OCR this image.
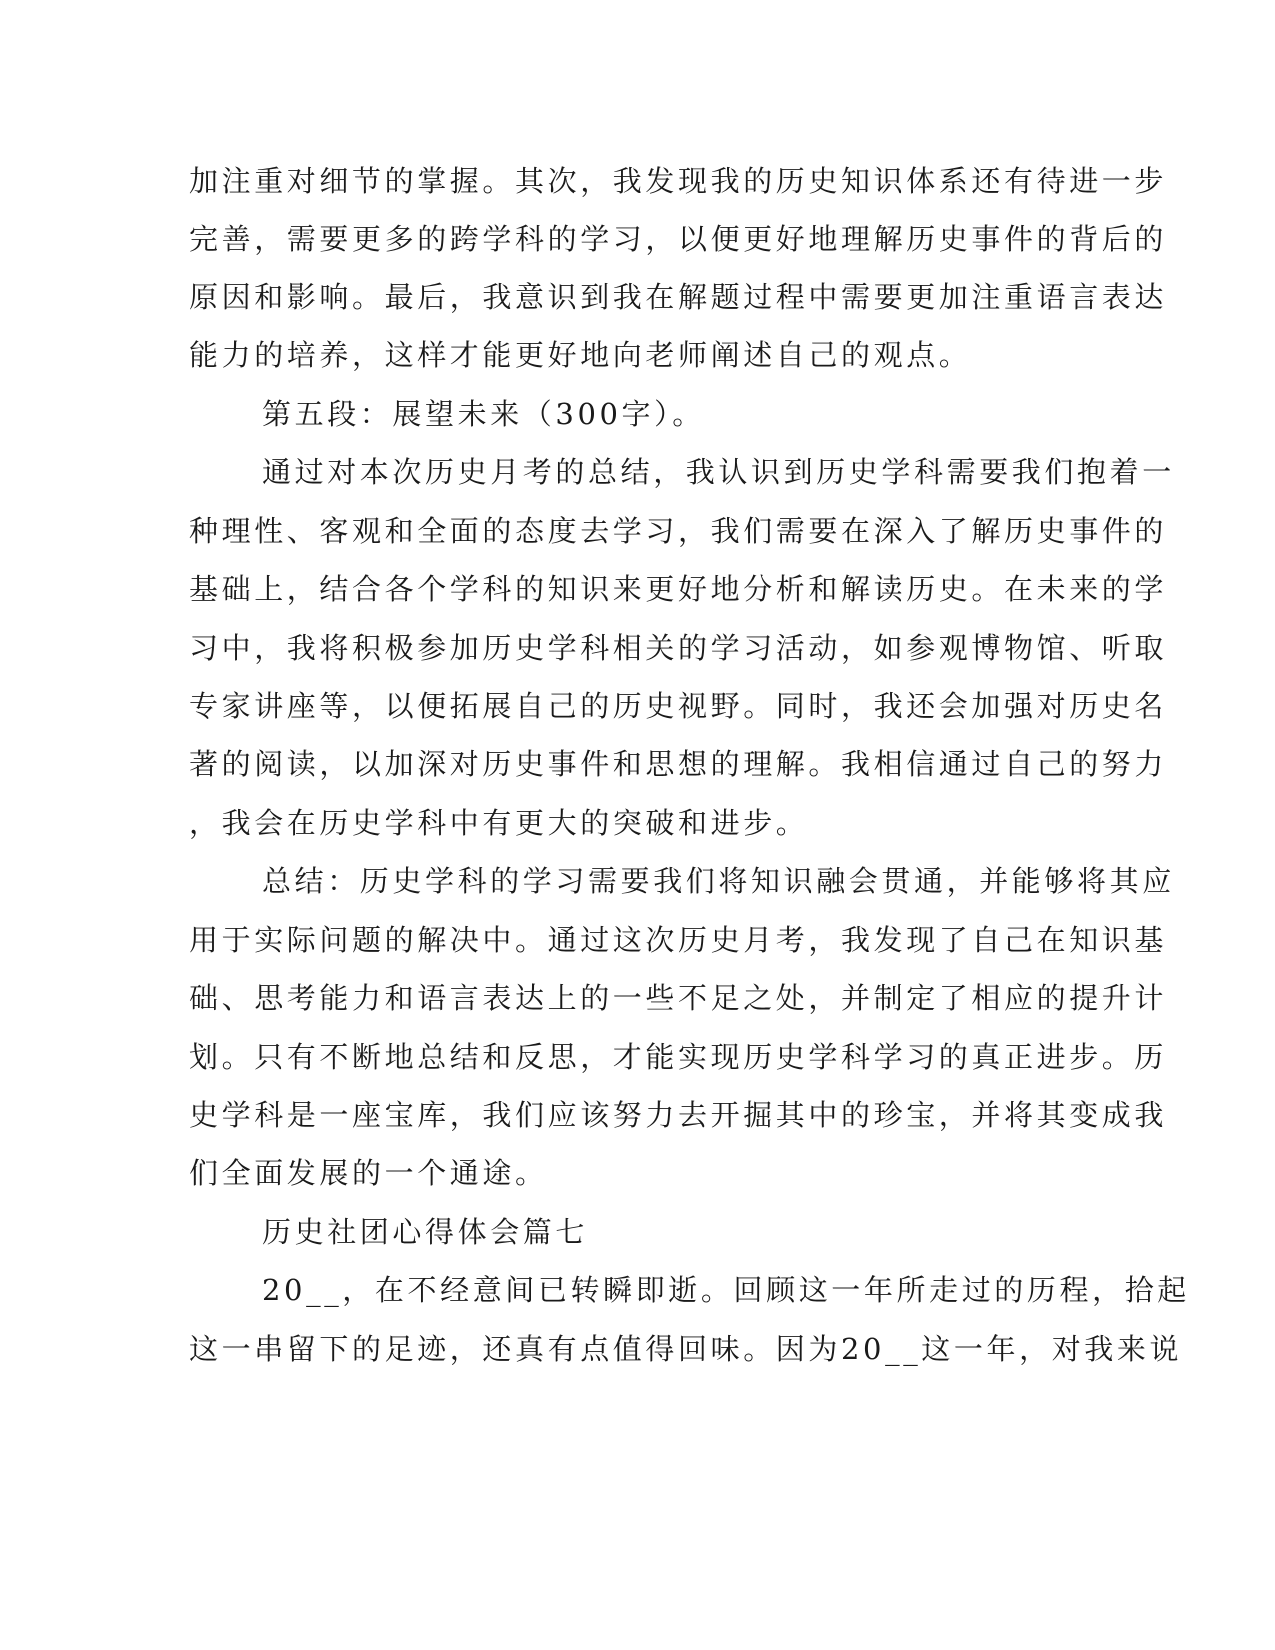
加注重对细节的掌握。其次，我发现我的历史知识体系还有待进一步
完善，需要更多的跨学科的学习，以便更好地理解历史事件的背后的
原因和影响。最后，我意识到我在解题过程中需要更加注重语言表达
能力的培养，这样才能更好地向老师阐述自己的观点。
第五段：展望未来（300字）。
通过对本次历史月考的总结，我认识到历史学科需要我们抱着一
种理性、客观和全面的态度去学习，我们需要在深入了解历史事件的
基础上，结合各个学科的知识来更好地分析和解读历史。在未来的学
习中，我将积极参加历史学科相关的学习活动，如参观博物馆、听取
专家讲座等，以便拓展自己的历史视野。同时，我还会加强对历史名
著的阅读，以加深对历史事件和思想的理解。我相信通过自己的努力
，我会在历史学科中有更大的突破和进步。
总结：历史学科的学习需要我们将知识融会贯通，并能够将其应
用于实际问题的解决中。通过这次历史月考，我发现了自己在知识基
础、思考能力和语言表达上的一些不足之处，并制定了相应的提升计
划。只有不断地总结和反思，才能实现历史学科学习的真正进步。历
史学科是一座宝库，我们应该努力去开掘其中的珍宝，并将其变成我
们全面发展的一个通途。
历史社团心得体会篇七
20__，在不经意间已转瞬即逝。回顾这一年所走过的历程，拾起
这一串留下的足迹，还真有点值得回味。因为20__这一年，对我来说
